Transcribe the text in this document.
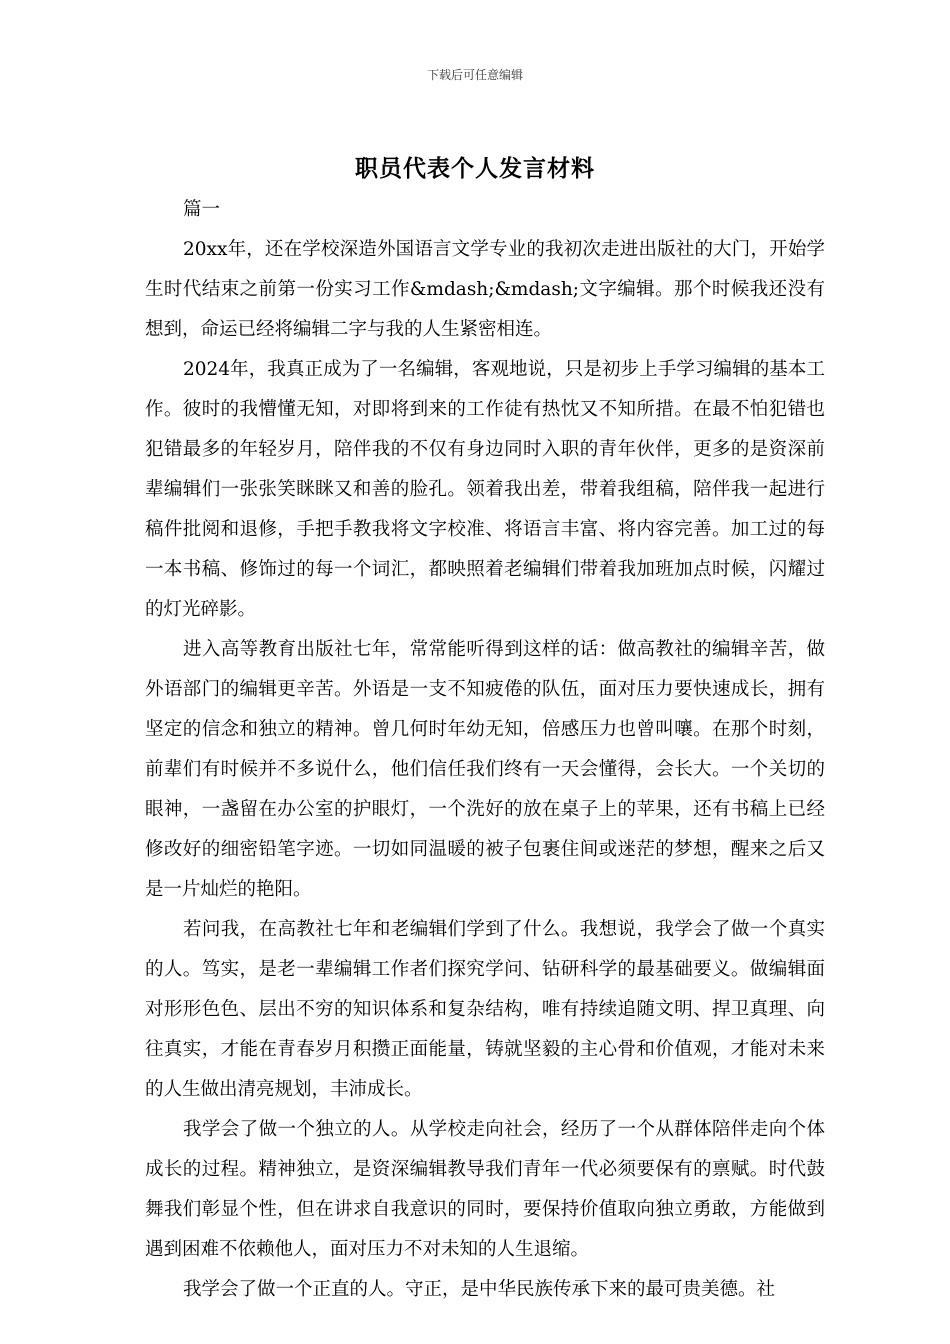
下载后可任意编辑
职员代表个人发言材料

篇一

20xx年，还在学校深造外国语言文学专业的我初次走进出版社的大门，开始学生时代结束之前第一份实习工作&mdash;&mdash;文字编辑。那个时候我还没有想到，命运已经将编辑二字与我的人生紧密相连。

2024年，我真正成为了一名编辑，客观地说，只是初步上手学习编辑的基本工作。彼时的我懵懂无知，对即将到来的工作徒有热忱又不知所措。在最不怕犯错也犯错最多的年轻岁月，陪伴我的不仅有身边同时入职的青年伙伴，更多的是资深前辈编辑们一张张笑眯眯又和善的脸孔。领着我出差，带着我组稿，陪伴我一起进行稿件批阅和退修，手把手教我将文字校准、将语言丰富、将内容完善。加工过的每一本书稿、修饰过的每一个词汇，都映照着老编辑们带着我加班加点时候，闪耀过的灯光碎影。

进入高等教育出版社七年，常常能听得到这样的话：做高教社的编辑辛苦，做外语部门的编辑更辛苦。外语是一支不知疲倦的队伍，面对压力要快速成长，拥有坚定的信念和独立的精神。曾几何时年幼无知，倍感压力也曾叫嚷。在那个时刻，前辈们有时候并不多说什么，他们信任我们终有一天会懂得，会长大。一个关切的眼神，一盏留在办公室的护眼灯，一个洗好的放在桌子上的苹果，还有书稿上已经修改好的细密铅笔字迹。一切如同温暖的被子包裹住间或迷茫的梦想，醒来之后又是一片灿烂的艳阳。

若问我，在高教社七年和老编辑们学到了什么。我想说，我学会了做一个真实的人。笃实，是老一辈编辑工作者们探究学问、钻研科学的最基础要义。做编辑面对形形色色、层出不穷的知识体系和复杂结构，唯有持续追随文明、捍卫真理、向往真实，才能在青春岁月积攒正面能量，铸就坚毅的主心骨和价值观，才能对未来的人生做出清亮规划，丰沛成长。

我学会了做一个独立的人。从学校走向社会，经历了一个从群体陪伴走向个体成长的过程。精神独立，是资深编辑教导我们青年一代必须要保有的禀赋。时代鼓舞我们彰显个性，但在讲求自我意识的同时，要保持价值取向独立勇敢，方能做到遇到困难不依赖他人，面对压力不对未知的人生退缩。

我学会了做一个正直的人。守正，是中华民族传承下来的最可贵美德。社
